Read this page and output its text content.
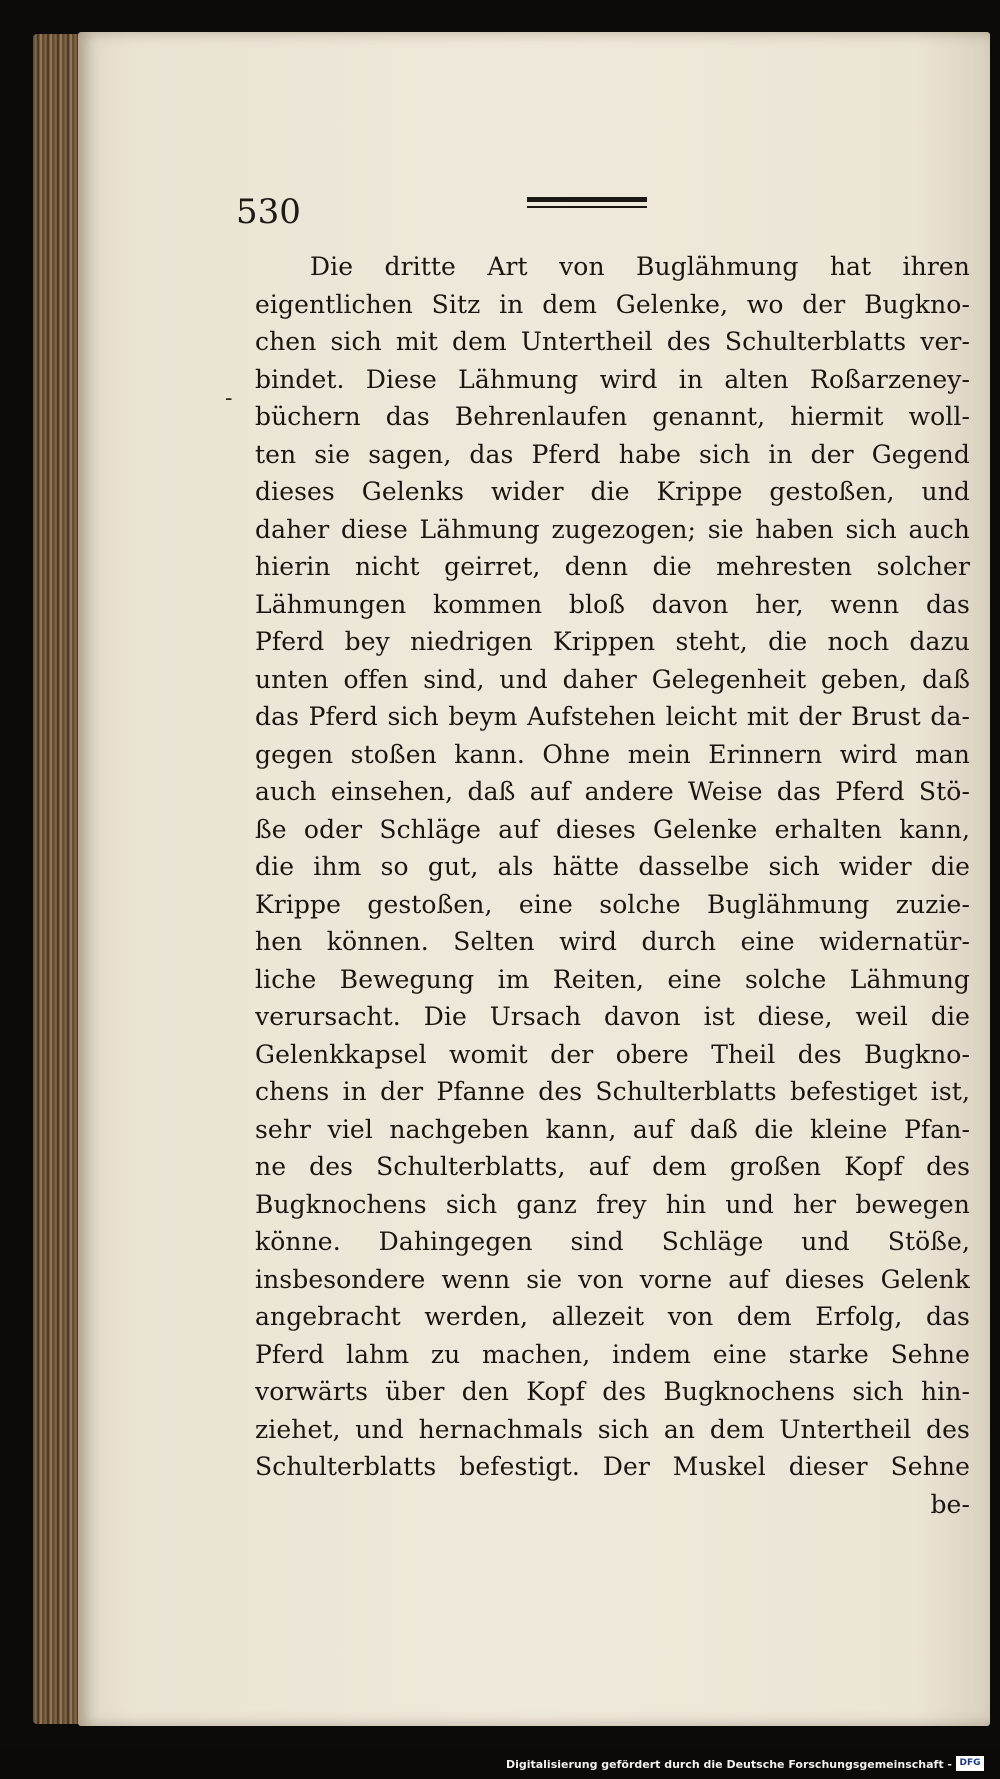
530
-
Die dritte Art von Buglähmung hat ihren
eigentlichen Sitz in dem Gelenke, wo der Bugkno-
chen sich mit dem Untertheil des Schulterblatts ver-
bindet. Diese Lähmung wird in alten Roßarzeney-
büchern das Behrenlaufen genannt, hiermit woll-
ten sie sagen, das Pferd habe sich in der Gegend
dieses Gelenks wider die Krippe gestoßen, und
daher diese Lähmung zugezogen; sie haben sich auch
hierin nicht geirret, denn die mehresten solcher
Lähmungen kommen bloß davon her, wenn das
Pferd bey niedrigen Krippen steht, die noch dazu
unten offen sind, und daher Gelegenheit geben, daß
das Pferd sich beym Aufstehen leicht mit der Brust da-
gegen stoßen kann. Ohne mein Erinnern wird man
auch einsehen, daß auf andere Weise das Pferd Stö-
ße oder Schläge auf dieses Gelenke erhalten kann,
die ihm so gut, als hätte dasselbe sich wider die
Krippe gestoßen, eine solche Buglähmung zuzie-
hen können. Selten wird durch eine widernatür-
liche Bewegung im Reiten, eine solche Lähmung
verursacht. Die Ursach davon ist diese, weil die
Gelenkkapsel womit der obere Theil des Bugkno-
chens in der Pfanne des Schulterblatts befestiget ist,
sehr viel nachgeben kann, auf daß die kleine Pfan-
ne des Schulterblatts, auf dem großen Kopf des
Bugknochens sich ganz frey hin und her bewegen
könne. Dahingegen sind Schläge und Stöße,
insbesondere wenn sie von vorne auf dieses Gelenk
angebracht werden, allezeit von dem Erfolg, das
Pferd lahm zu machen, indem eine starke Sehne
vorwärts über den Kopf des Bugknochens sich hin-
ziehet, und hernachmals sich an dem Untertheil des
Schulterblatts befestigt. Der Muskel dieser Sehne
be-
Digitalisierung gefördert durch die Deutsche Forschungsgemeinschaft - DFG
